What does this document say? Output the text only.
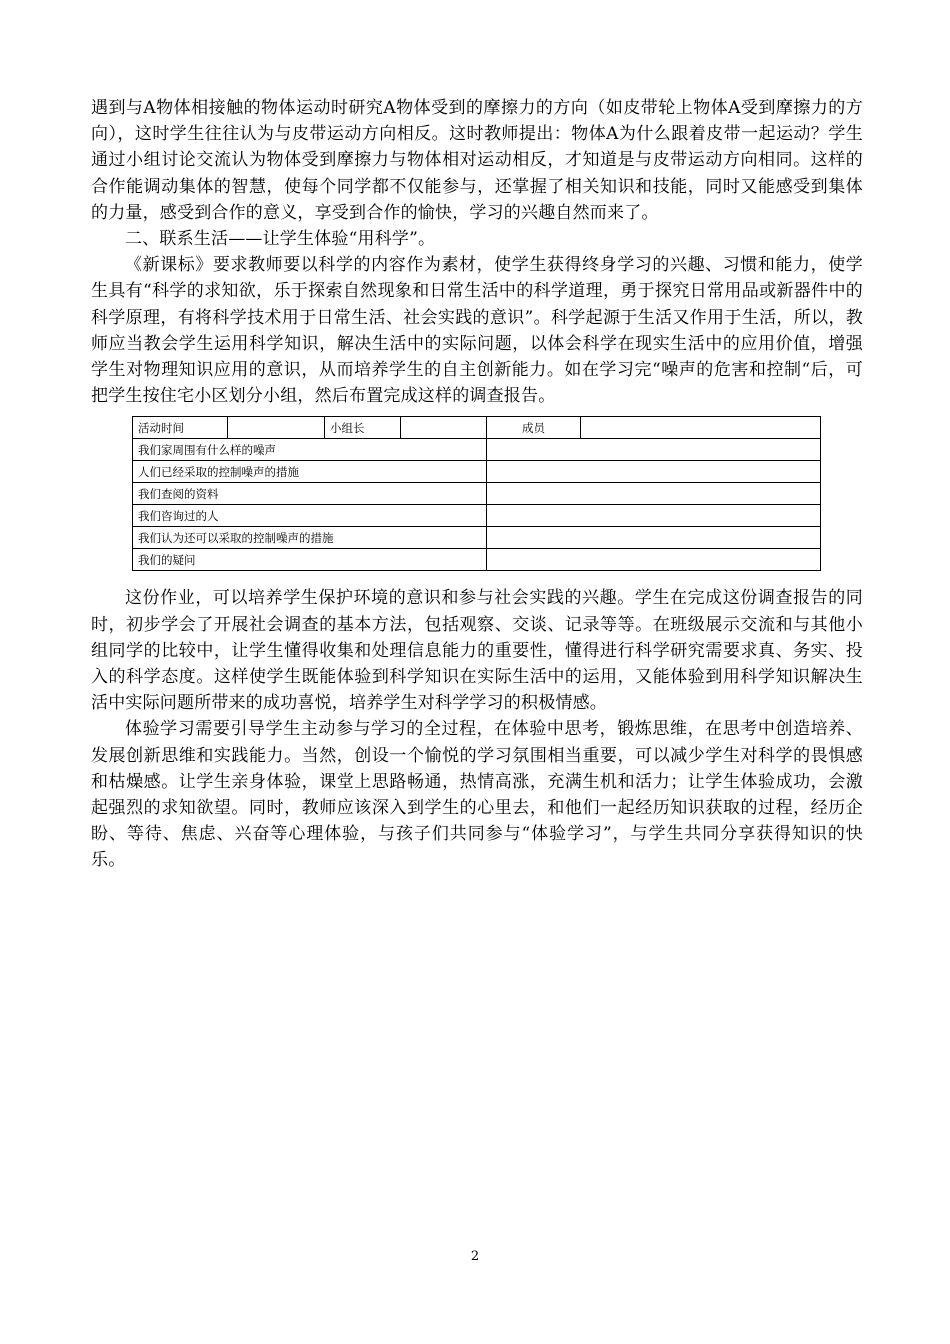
遇到与A物体相接触的物体运动时研究A物体受到的摩擦力的方向（如皮带轮上物体A受到摩擦力的方向），这时学生往往认为与皮带运动方向相反。这时教师提出：物体A为什么跟着皮带一起运动？学生通过小组讨论交流认为物体受到摩擦力与物体相对运动相反，才知道是与皮带运动方向相同。这样的合作能调动集体的智慧，使每个同学都不仅能参与，还掌握了相关知识和技能，同时又能感受到集体的力量，感受到合作的意义，享受到合作的愉快，学习的兴趣自然而来了。

二、联系生活——让学生体验“用科学”。

《新课标》要求教师要以科学的内容作为素材，使学生获得终身学习的兴趣、习惯和能力，使学生具有“科学的求知欲，乐于探索自然现象和日常生活中的科学道理，勇于探究日常用品或新器件中的科学原理，有将科学技术用于日常生活、社会实践的意识”。科学起源于生活又作用于生活，所以，教师应当教会学生运用科学知识，解决生活中的实际问题，以体会科学在现实生活中的应用价值，增强学生对物理知识应用的意识，从而培养学生的自主创新能力。如在学习完“噪声的危害和控制“后，可把学生按住宅小区划分小组，然后布置完成这样的调查报告。

活动时间		小组长		成员	
我们家周围有什么样的噪声					
人们已经采取的控制噪声的措施					
我们查阅的资料					
我们咨询过的人					
我们认为还可以采取的控制噪声的措施					
我们的疑问					

这份作业，可以培养学生保护环境的意识和参与社会实践的兴趣。学生在完成这份调查报告的同时，初步学会了开展社会调查的基本方法，包括观察、交谈、记录等等。在班级展示交流和与其他小组同学的比较中，让学生懂得收集和处理信息能力的重要性，懂得进行科学研究需要求真、务实、投入的科学态度。这样使学生既能体验到科学知识在实际生活中的运用，又能体验到用科学知识解决生活中实际问题所带来的成功喜悦，培养学生对科学学习的积极情感。

体验学习需要引导学生主动参与学习的全过程，在体验中思考，锻炼思维，在思考中创造培养、发展创新思维和实践能力。当然，创设一个愉悦的学习氛围相当重要，可以减少学生对科学的畏惧感和枯燥感。让学生亲身体验，课堂上思路畅通，热情高涨，充满生机和活力；让学生体验成功，会激起强烈的求知欲望。同时，教师应该深入到学生的心里去，和他们一起经历知识获取的过程，经历企盼、等待、焦虑、兴奋等心理体验，与孩子们共同参与“体验学习”，与学生共同分享获得知识的快乐。

2
